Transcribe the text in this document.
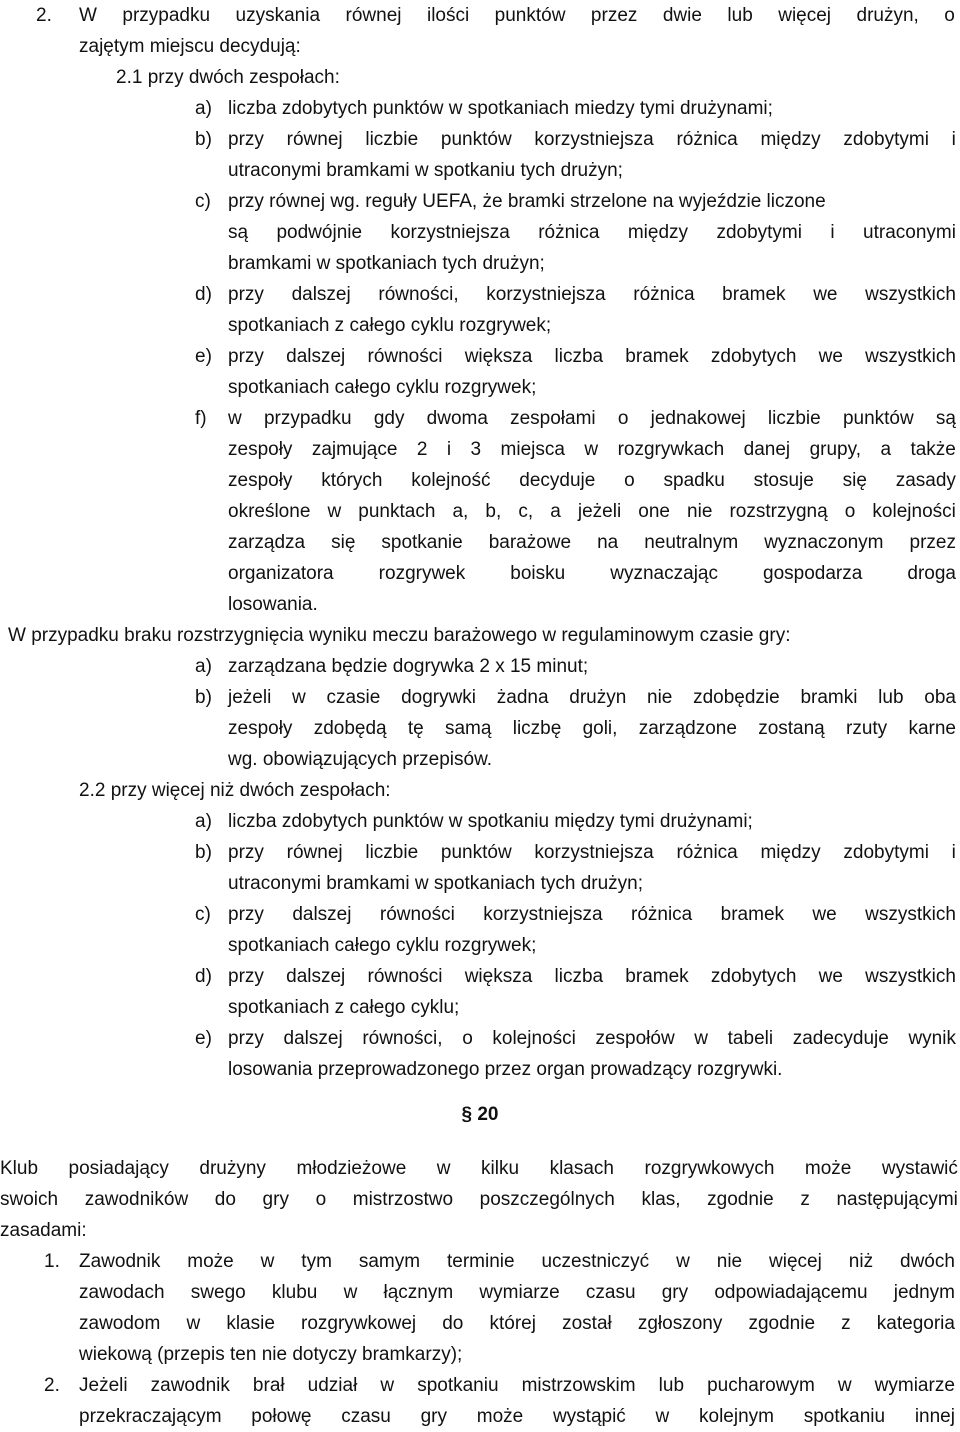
2. W przypadku uzyskania równej ilości punktów przez dwie lub więcej drużyn, o
zajętym miejscu decydują:
2.1 przy dwóch zespołach:
a) liczba zdobytych punktów w spotkaniach miedzy tymi drużynami;
b) przy równej liczbie punktów korzystniejsza różnica między zdobytymi i
utraconymi bramkami w spotkaniu tych drużyn;
c) przy równej wg. reguły UEFA, że bramki strzelone na wyjeździe liczone
są podwójnie korzystniejsza różnica między zdobytymi i utraconymi
bramkami w spotkaniach tych drużyn;
d) przy dalszej równości, korzystniejsza różnica bramek we wszystkich
spotkaniach z całego cyklu rozgrywek;
e) przy dalszej równości większa liczba bramek zdobytych we wszystkich
spotkaniach całego cyklu rozgrywek;
f) w przypadku gdy dwoma zespołami o jednakowej liczbie punktów są
zespoły zajmujące 2 i 3 miejsca w rozgrywkach danej grupy, a także
zespoły których kolejność decyduje o spadku stosuje się zasady
określone w punktach a, b, c, a jeżeli one nie rozstrzygną o kolejności
zarządza się spotkanie barażowe na neutralnym wyznaczonym przez
organizatora rozgrywek boisku wyznaczając gospodarza droga
losowania.
W przypadku braku rozstrzygnięcia wyniku meczu barażowego w regulaminowym czasie gry:
a) zarządzana będzie dogrywka 2 x 15 minut;
b) jeżeli w czasie dogrywki żadna drużyn nie zdobędzie bramki lub oba
zespoły zdobędą tę samą liczbę goli, zarządzone zostaną rzuty karne
wg. obowiązujących przepisów.
2.2 przy więcej niż dwóch zespołach:
a) liczba zdobytych punktów w spotkaniu między tymi drużynami;
b) przy równej liczbie punktów korzystniejsza różnica między zdobytymi i
utraconymi bramkami w spotkaniach tych drużyn;
c) przy dalszej równości korzystniejsza różnica bramek we wszystkich
spotkaniach całego cyklu rozgrywek;
d) przy dalszej równości większa liczba bramek zdobytych we wszystkich
spotkaniach z całego cyklu;
e) przy dalszej równości, o kolejności zespołów w tabeli zadecyduje wynik
losowania przeprowadzonego przez organ prowadzący rozgrywki.
§ 20
Klub posiadający drużyny młodzieżowe w kilku klasach rozgrywkowych może wystawić
swoich zawodników do gry o mistrzostwo poszczególnych klas, zgodnie z następującymi
zasadami:
1. Zawodnik może w tym samym terminie uczestniczyć w nie więcej niż dwóch
zawodach swego klubu w łącznym wymiarze czasu gry odpowiadającemu jednym
zawodom w klasie rozgrywkowej do której został zgłoszony zgodnie z kategoria
wiekową (przepis ten nie dotyczy bramkarzy);
2. Jeżeli zawodnik brał udział w spotkaniu mistrzowskim lub pucharowym w wymiarze
przekraczającym połowę czasu gry może wystąpić w kolejnym spotkaniu innej
